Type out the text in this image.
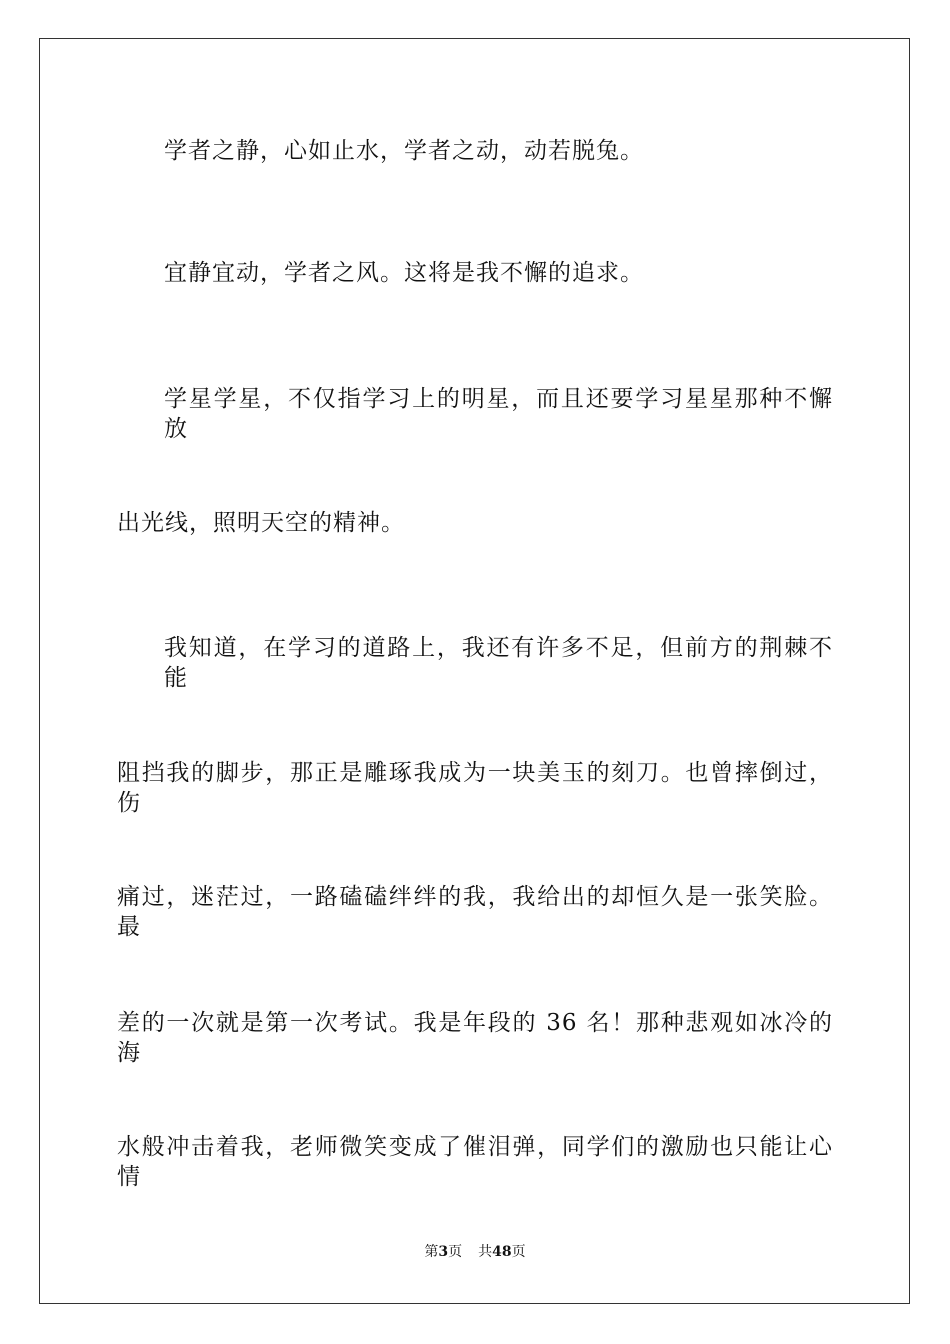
学者之静，心如止水，学者之动，动若脱兔。
宜静宜动，学者之风。这将是我不懈的追求。
学星学星，不仅指学习上的明星，而且还要学习星星那种不懈放
出光线，照明天空的精神。
我知道，在学习的道路上，我还有许多不足，但前方的荆棘不能
阻挡我的脚步，那正是雕琢我成为一块美玉的刻刀。也曾摔倒过，伤
痛过，迷茫过，一路磕磕绊绊的我，我给出的却恒久是一张笑脸。最
差的一次就是第一次考试。我是年段的 36 名！那种悲观如冰冷的海
水般冲击着我，老师微笑变成了催泪弹，同学们的激励也只能让心情
第3页 共48页
